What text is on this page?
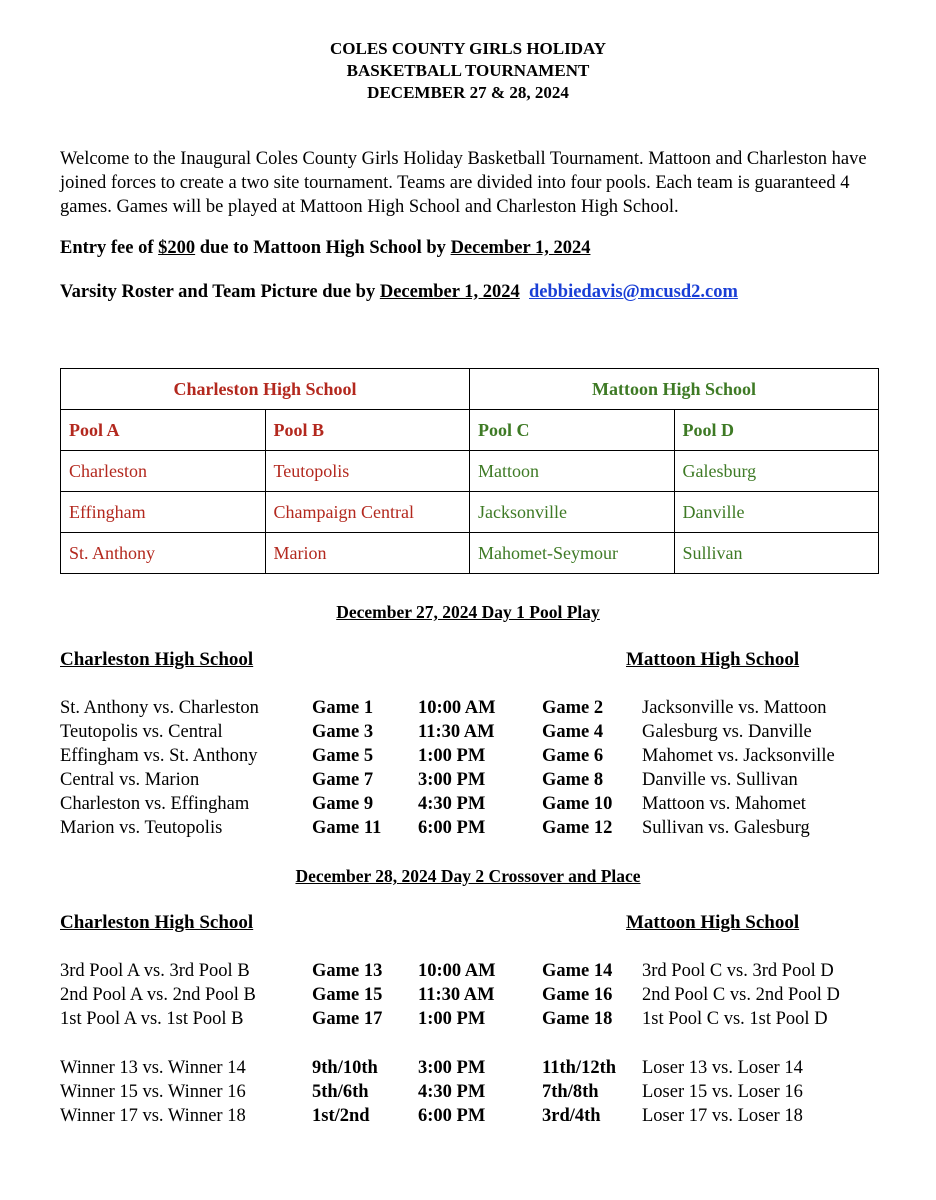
COLES COUNTY GIRLS HOLIDAY
BASKETBALL TOURNAMENT
DECEMBER 27 & 28, 2024
Welcome to the Inaugural Coles County Girls Holiday Basketball Tournament. Mattoon and Charleston have joined forces to create a two site tournament. Teams are divided into four pools. Each team is guaranteed 4 games. Games will be played at Mattoon High School and Charleston High School.
Entry fee of $200 due to Mattoon High School by December 1, 2024
Varsity Roster and Team Picture due by December 1, 2024 debbiedavis@mcusd2.com
Charleston High School		Mattoon High School	
Pool A	Pool B	Pool C	Pool D
Charleston	Teutopolis	Mattoon	Galesburg
Effingham	Champaign Central	Jacksonville	Danville
St. Anthony	Marion	Mahomet-Seymour	Sullivan
December 27, 2024 Day 1 Pool Play
Charleston High School	Mattoon High School
St. Anthony vs. Charleston	Game 1 10:00 AM	Game 2 Jacksonville vs. Mattoon
Teutopolis vs. Central	Game 3 11:30 AM	Game 4 Galesburg vs. Danville
Effingham vs. St. Anthony	Game 5 1:00 PM	Game 6 Mahomet vs. Jacksonville
Central vs. Marion	Game 7 3:00 PM	Game 8 Danville vs. Sullivan
Charleston vs. Effingham	Game 9 4:30 PM	Game 10 Mattoon vs. Mahomet
Marion vs. Teutopolis	Game 11 6:00 PM	Game 12 Sullivan vs. Galesburg
December 28, 2024 Day 2 Crossover and Place
Charleston High School	Mattoon High School
3rd Pool A vs. 3rd Pool B	Game 13 10:00 AM	Game 14 3rd Pool C vs. 3rd Pool D
2nd Pool A vs. 2nd Pool B	Game 15 11:30 AM	Game 16 2nd Pool C vs. 2nd Pool D
1st Pool A vs. 1st Pool B	Game 17 1:00 PM	Game 18 1st Pool C vs. 1st Pool D
Winner 13 vs. Winner 14	9th/10th 3:00 PM	11th/12th Loser 13 vs. Loser 14
Winner 15 vs. Winner 16	5th/6th	4:30 PM	7th/8th Loser 15 vs. Loser 16
Winner 17 vs. Winner 18	1st/2nd	6:00 PM	3rd/4th Loser 17 vs. Loser 18
